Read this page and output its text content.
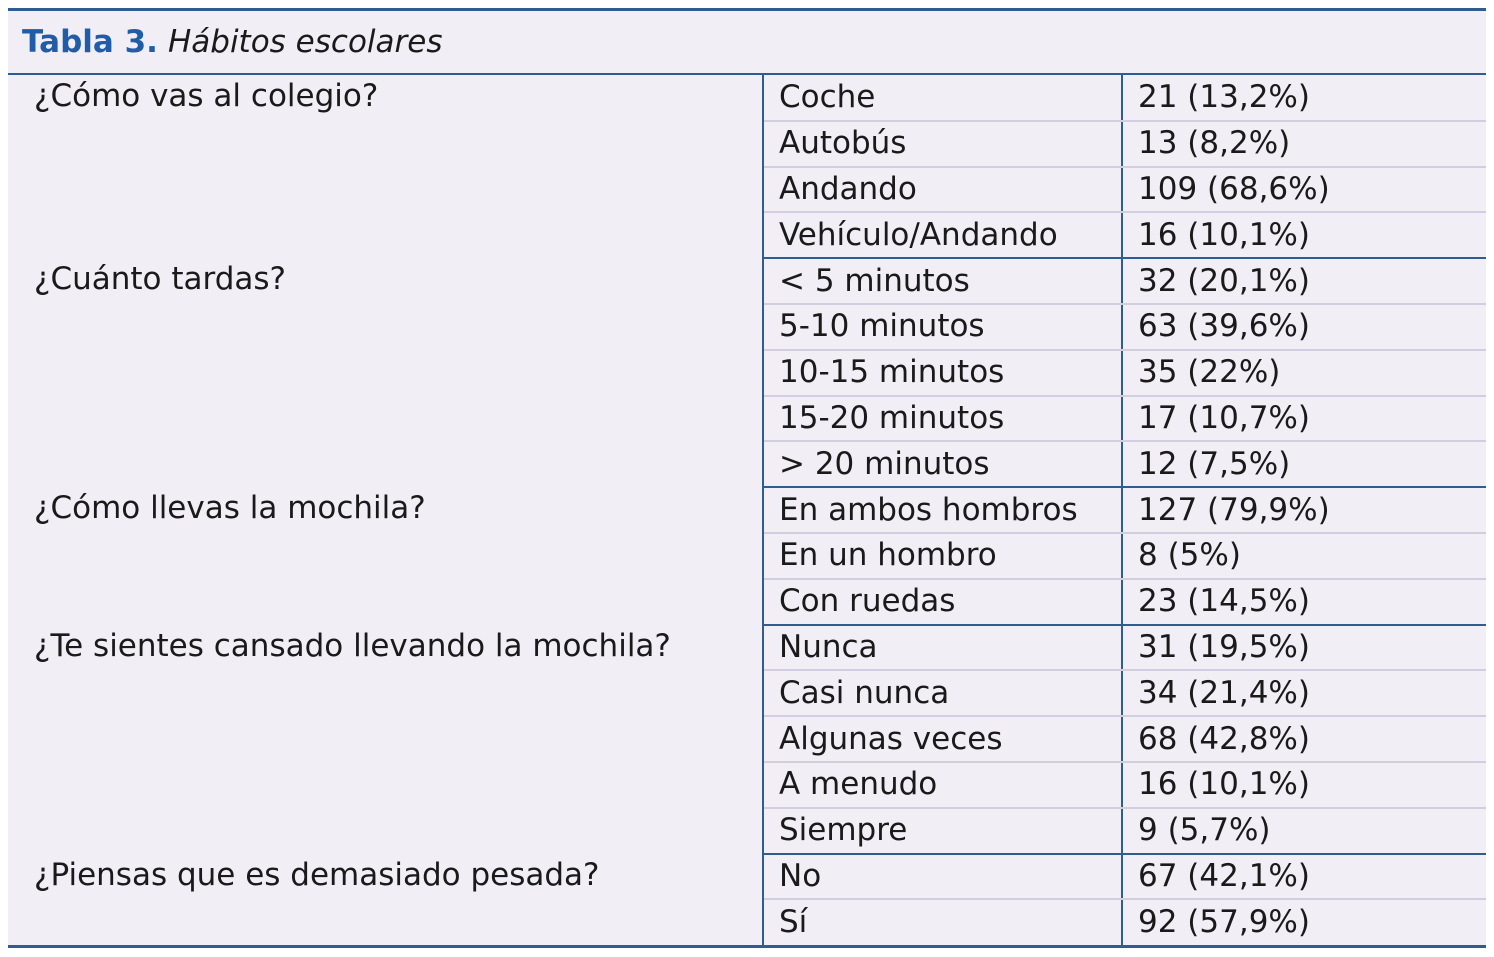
Tabla 3. Hábitos escolares
¿Cómo vas al colegio?	Coche	21 (13,2%)
	Autobús	13 (8,2%)
	Andando	109 (68,6%)
	Vehículo/Andando	16 (10,1%)
¿Cuánto tardas?	< 5 minutos	32 (20,1%)
	5-10 minutos	63 (39,6%)
	10-15 minutos	35 (22%)
	15-20 minutos	17 (10,7%)
	> 20 minutos	12 (7,5%)
¿Cómo llevas la mochila?	En ambos hombros	127 (79,9%)
	En un hombro	8 (5%)
	Con ruedas	23 (14,5%)
¿Te sientes cansado llevando la mochila?	Nunca	31 (19,5%)
	Casi nunca	34 (21,4%)
	Algunas veces	68 (42,8%)
	A menudo	16 (10,1%)
	Siempre	9 (5,7%)
¿Piensas que es demasiado pesada?	No	67 (42,1%)
	Sí	92 (57,9%)
